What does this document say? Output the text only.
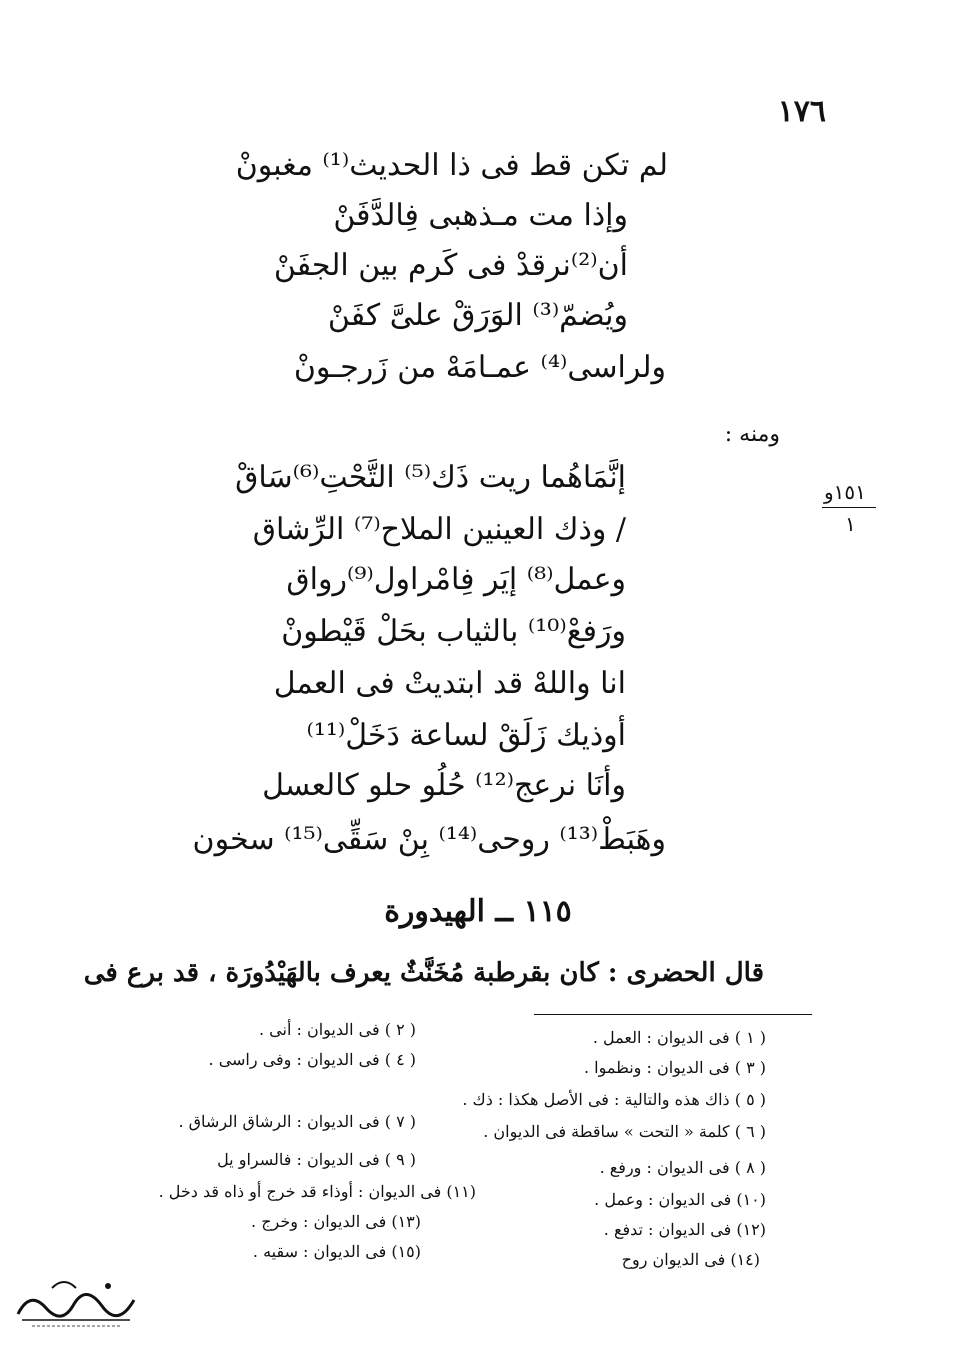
١٧٦
لم تكن قط فى ذا الحديث⁽¹⁾ مغبونْ
وإذا مت مـذهبى فِالدَّفَنْ
أن⁽²⁾نرقدْ فى كَرم بين الجفَنْ
ويُضمّ⁽³⁾ الوَرَقْ علىَّ كفَنْ
ولراسى⁽⁴⁾ عمـامَهْ من زَرجـونْ
ومنه :
إنَّمَاهُما ريت ذَك⁽⁵⁾ التَّحْتِ⁽⁶⁾سَاقْ
/ وذك العينين الملاح⁽⁷⁾ الرِّشاق
وعمل⁽⁸⁾ إيَر فِامْراول⁽⁹⁾رواق
ورَفعْ⁽¹⁰⁾ بالثياب بحَلْ قَيْطونْ
انا واللهْ قد ابتديتْ فى العمل
أوذيك زَلَقْ لساعة دَخَلْ⁽¹¹⁾
وأنَا نرعج⁽¹²⁾ حُلُو حلو كالعسل
وهَبَطْ⁽¹³⁾ روحى⁽¹⁴⁾ بِنْ سَقِّى⁽¹⁵⁾ سخون
١٥١و
١
١١٥ ــ الهيدورة
قال الحضرى : كان بقرطبة مُخَنَّثٌ يعرف بالهَيْدُورَة ، قد برع فى
( ١ ) فى الديوان : العمل .
( ٣ ) فى الديوان : ونظموا .
( ٥ ) ذاك هذه والتالية : فى الأصل هكذا : ذك .
( ٦ ) كلمة « التحت » ساقطة فى الديوان .
( ٨ ) فى الديوان : ورفع .
(١٠) فى الديوان : وعمل .
(١٢) فى الديوان : تدفع .
(١٤) فى الديوان روح
( ٢ ) فى الديوان : أنى .
( ٤ ) فى الديوان : وفى راسى .
( ٧ ) فى الديوان : الرشاق الرشاق .
( ٩ ) فى الديوان : فالسراو يل
(١١) فى الديوان : أوذاء قد خرج أو ذاه قد دخل .
(١٣) فى الديوان : وخرج .
(١٥) فى الديوان : سقيه .
